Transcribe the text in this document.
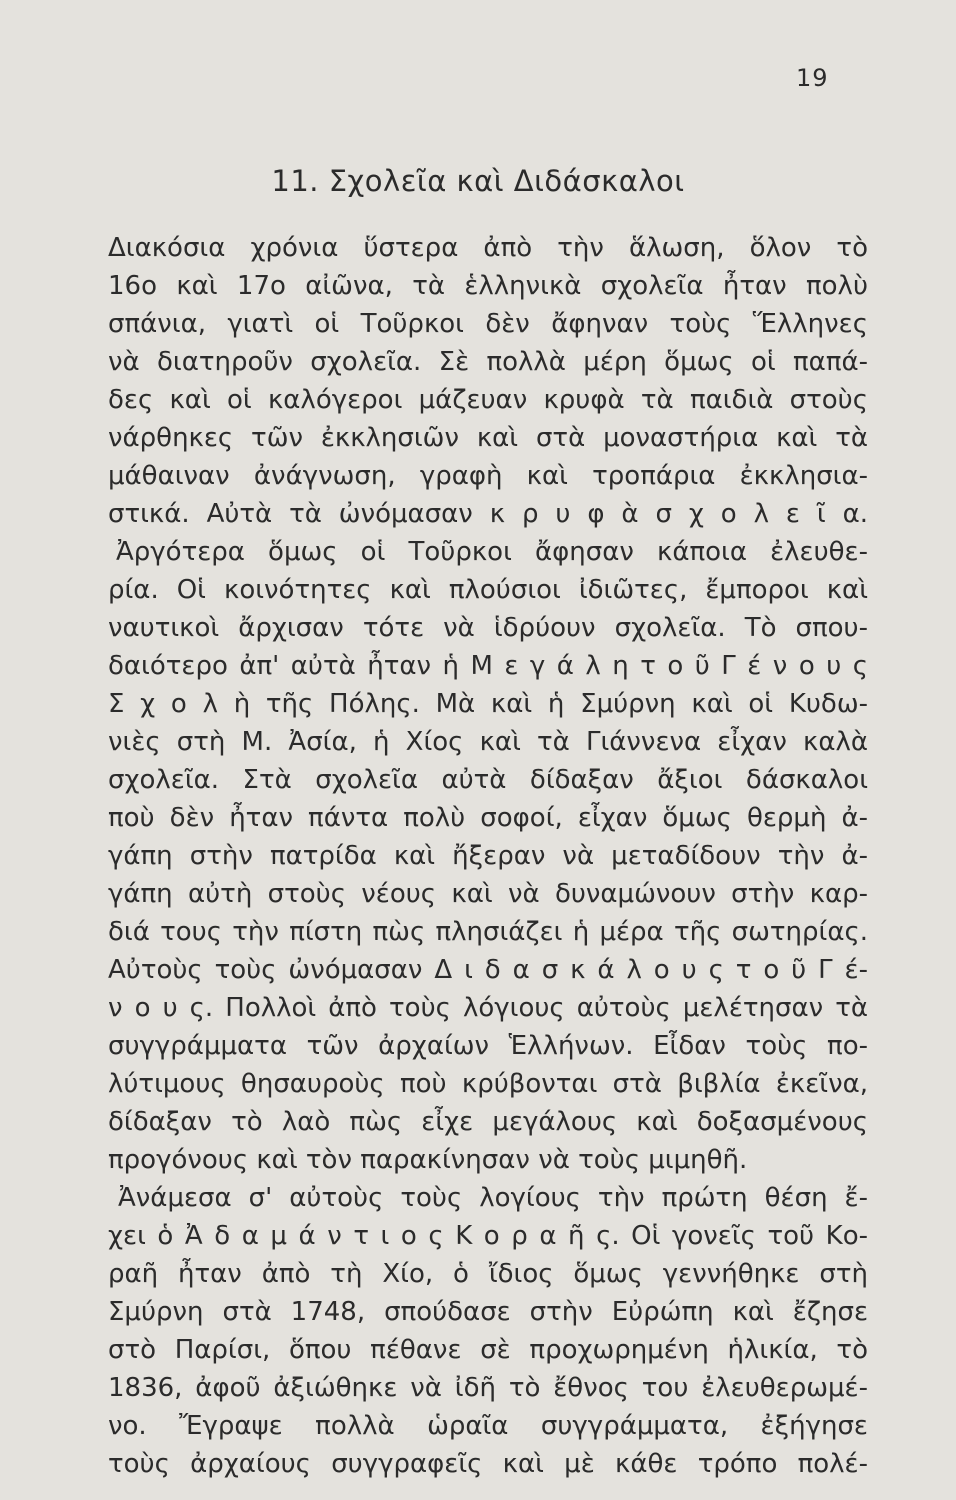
19
11. Σχολεῖα καὶ Διδάσκαλοι
Διακόσια χρόνια ὕστερα ἀπὸ τὴν ἅλωση, ὅλον τὸ
16ο καὶ 17ο αἰῶνα, τὰ ἑλληνικὰ σχολεῖα ἦταν πολὺ
σπάνια, γιατὶ οἱ Τοῦρκοι δὲν ἄφηναν τοὺς Ἕλληνες
νὰ διατηροῦν σχολεῖα. Σὲ πολλὰ μέρη ὅμως οἱ παπά-
δες καὶ οἱ καλόγεροι μάζευαν κρυφὰ τὰ παιδιὰ στοὺς
νάρθηκες τῶν ἐκκλησιῶν καὶ στὰ μοναστήρια καὶ τὰ
μάθαιναν ἀνάγνωση, γραφὴ καὶ τροπάρια ἐκκλησια-
στικά. Αὐτὰ τὰ ὠνόμασαν κ ρ υ φ ὰ σ χ ο λ ε ῖ α.
Ἀργότερα ὅμως οἱ Τοῦρκοι ἄφησαν κάποια ἐλευθε-
ρία. Οἱ κοινότητες καὶ πλούσιοι ἰδιῶτες, ἔμποροι καὶ
ναυτικοὶ ἄρχισαν τότε νὰ ἱδρύουν σχολεῖα. Τὸ σπου-
δαιότερο ἀπ' αὐτὰ ἦταν ἡ Μ ε γ ά λ η τ ο ῦ Γ έ ν ο υ ς
Σ χ ο λ ὴ τῆς Πόλης. Μὰ καὶ ἡ Σμύρνη καὶ οἱ Κυδω-
νιὲς στὴ Μ. Ἀσία, ἡ Χίος καὶ τὰ Γιάννενα εἶχαν καλὰ
σχολεῖα. Στὰ σχολεῖα αὐτὰ δίδαξαν ἄξιοι δάσκαλοι
ποὺ δὲν ἦταν πάντα πολὺ σοφοί, εἶχαν ὅμως θερμὴ ἀ-
γάπη στὴν πατρίδα καὶ ἤξεραν νὰ μεταδίδουν τὴν ἀ-
γάπη αὐτὴ στοὺς νέους καὶ νὰ δυναμώνουν στὴν καρ-
διά τους τὴν πίστη πὼς πλησιάζει ἡ μέρα τῆς σωτηρίας.
Αὐτοὺς τοὺς ὠνόμασαν Δ ι δ α σ κ ά λ ο υ ς τ ο ῦ Γ έ-
ν ο υ ς. Πολλοὶ ἀπὸ τοὺς λόγιους αὐτοὺς μελέτησαν τὰ
συγγράμματα τῶν ἀρχαίων Ἑλλήνων. Εἶδαν τοὺς πο-
λύτιμους θησαυροὺς ποὺ κρύβονται στὰ βιβλία ἐκεῖνα,
δίδαξαν τὸ λαὸ πὼς εἶχε μεγάλους καὶ δοξασμένους
προγόνους καὶ τὸν παρακίνησαν νὰ τοὺς μιμηθῆ.
Ἀνάμεσα σ' αὐτοὺς τοὺς λογίους τὴν πρώτη θέση ἔ-
χει ὁ Ἀ δ α μ ά ν τ ι ο ς Κ ο ρ α ῆ ς. Οἱ γονεῖς τοῦ Κο-
ραῆ ἦταν ἀπὸ τὴ Χίο, ὁ ἴδιος ὅμως γεννήθηκε στὴ
Σμύρνη στὰ 1748, σπούδασε στὴν Εὐρώπη καὶ ἔζησε
στὸ Παρίσι, ὅπου πέθανε σὲ προχωρημένη ἡλικία, τὸ
1836, ἀφοῦ ἀξιώθηκε νὰ ἰδῆ τὸ ἔθνος του ἐλευθερωμέ-
νο. Ἔγραψε πολλὰ ὡραῖα συγγράμματα, ἐξήγησε
τοὺς ἀρχαίους συγγραφεῖς καὶ μὲ κάθε τρόπο πολέ-
